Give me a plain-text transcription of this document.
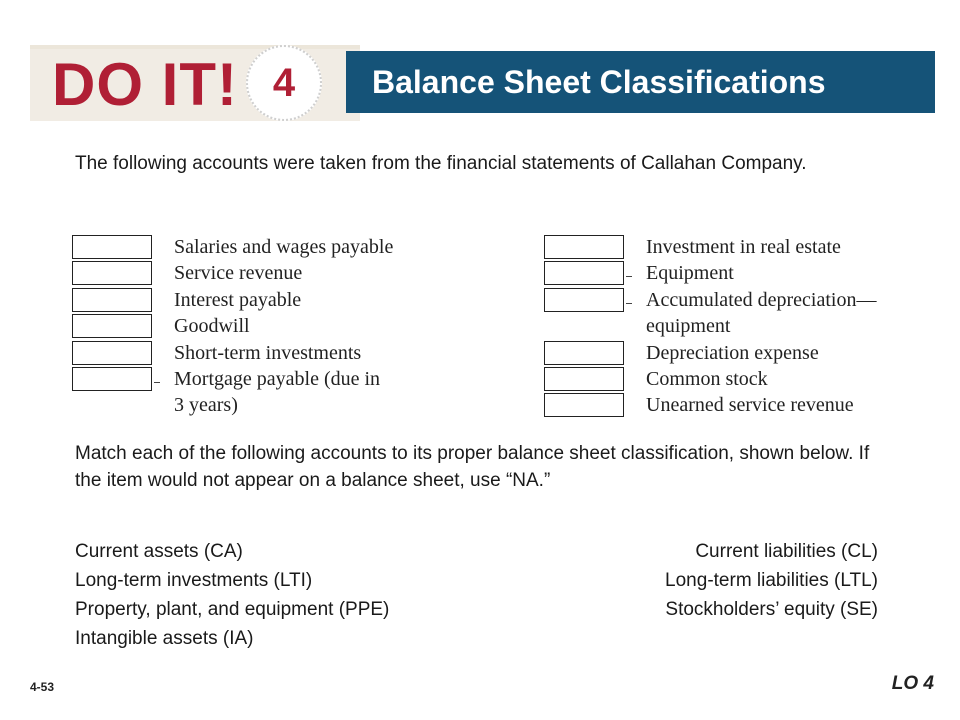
DO IT! 4 Balance Sheet Classifications
The following accounts were taken from the financial statements of Callahan Company.
Salaries and wages payable
Service revenue
Interest payable
Goodwill
Short-term investments
Mortgage payable (due in 3 years)
Investment in real estate
Equipment
Accumulated depreciation— equipment
Depreciation expense
Common stock
Unearned service revenue
Match each of the following accounts to its proper balance sheet classification, shown below. If the item would not appear on a balance sheet, use “NA.”
Current assets (CA)
Long-term investments (LTI)
Property, plant, and equipment (PPE)
Intangible assets (IA)
Current liabilities (CL)
Long-term liabilities (LTL)
Stockholders’ equity (SE)
4-53	LO 4
